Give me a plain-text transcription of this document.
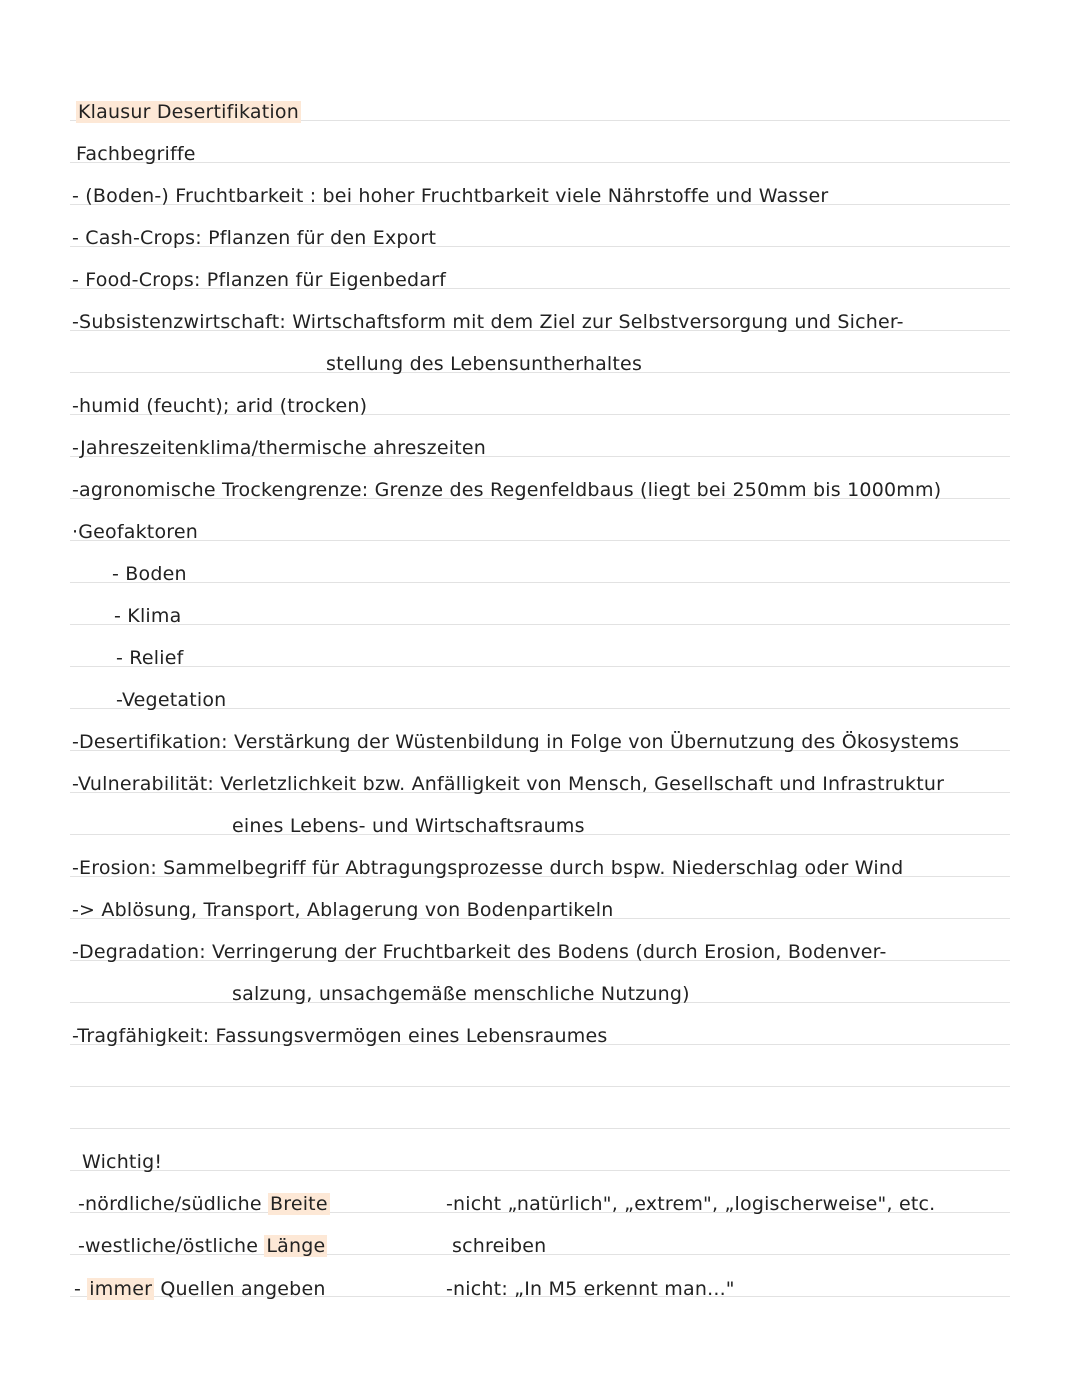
Klausur Desertifikation
Fachbegriffe
- (Boden-) Fruchtbarkeit : bei hoher Fruchtbarkeit viele Nährstoffe und Wasser
- Cash-Crops: Pflanzen für den Export
- Food-Crops: Pflanzen für Eigenbedarf
-Subsistenzwirtschaft: Wirtschaftsform mit dem Ziel zur Selbstversorgung und Sicher-
stellung des Lebensuntherhaltes
-humid (feucht); arid (trocken)
-Jahreszeitenklima/thermische ahreszeiten
-agronomische Trockengrenze: Grenze des Regenfeldbaus (liegt bei 250mm bis 1000mm)
·Geofaktoren
- Boden
- Klima
- Relief
-Vegetation
-Desertifikation: Verstärkung der Wüstenbildung in Folge von Übernutzung des Ökosystems
-Vulnerabilität: Verletzlichkeit bzw. Anfälligkeit von Mensch, Gesellschaft und Infrastruktur
eines Lebens- und Wirtschaftsraums
-Erosion: Sammelbegriff für Abtragungsprozesse durch bspw. Niederschlag oder Wind
-> Ablösung, Transport, Ablagerung von Bodenpartikeln
-Degradation: Verringerung der Fruchtbarkeit des Bodens (durch Erosion, Bodenver-
salzung, unsachgemäße menschliche Nutzung)
-Tragfähigkeit: Fassungsvermögen eines Lebensraumes
Wichtig!
-nördliche/südliche Breite
-westliche/östliche Länge
- immer Quellen angeben
-nicht „natürlich", „extrem", „logischerweise", etc.
schreiben
-nicht: „In M5 erkennt man..."
